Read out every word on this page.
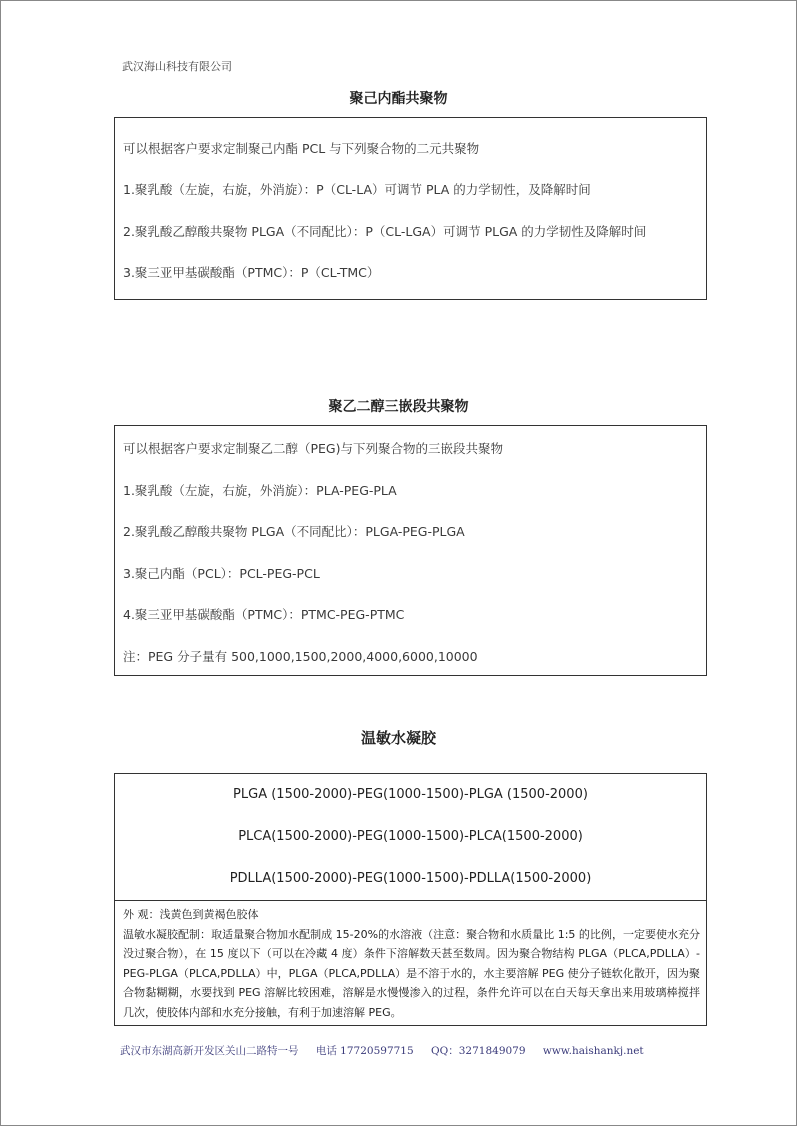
武汉海山科技有限公司
聚己内酯共聚物
可以根据客户要求定制聚己内酯 PCL 与下列聚合物的二元共聚物
1.聚乳酸（左旋，右旋，外消旋）：P（CL-LA）可调节 PLA 的力学韧性，及降解时间
2.聚乳酸乙醇酸共聚物 PLGA（不同配比）：P（CL-LGA）可调节 PLGA 的力学韧性及降解时间
3.聚三亚甲基碳酸酯（PTMC）：P（CL-TMC）
聚乙二醇三嵌段共聚物
可以根据客户要求定制聚乙二醇（PEG)与下列聚合物的三嵌段共聚物
1.聚乳酸（左旋，右旋，外消旋）：PLA-PEG-PLA
2.聚乳酸乙醇酸共聚物 PLGA（不同配比）：PLGA-PEG-PLGA
3.聚己内酯（PCL）：PCL-PEG-PCL
4.聚三亚甲基碳酸酯（PTMC）：PTMC-PEG-PTMC
注：PEG 分子量有 500,1000,1500,2000,4000,6000,10000
温敏水凝胶
PLGA (1500-2000)-PEG(1000-1500)-PLGA (1500-2000)
PLCA(1500-2000)-PEG(1000-1500)-PLCA(1500-2000)
PDLLA(1500-2000)-PEG(1000-1500)-PDLLA(1500-2000)
外 观：浅黄色到黄褐色胶体
温敏水凝胶配制：取适量聚合物加水配制成 15-20%的水溶液（注意：聚合物和水质量比 1:5 的比例，一定要使水充分没过聚合物），在 15 度以下（可以在冷藏 4 度）条件下溶解数天甚至数周。因为聚合物结构 PLGA（PLCA,PDLLA）-PEG-PLGA（PLCA,PDLLA）中，PLGA（PLCA,PDLLA）是不溶于水的，水主要溶解 PEG 使分子链软化散开，因为聚合物黏糊糊，水要找到 PEG 溶解比较困难，溶解是水慢慢渗入的过程，条件允许可以在白天每天拿出来用玻璃棒搅拌几次，使胶体内部和水充分接触，有利于加速溶解 PEG。
武汉市东湖高新开发区关山二路特一号 电话 17720597715 QQ：3271849079 www.haishankj.net
